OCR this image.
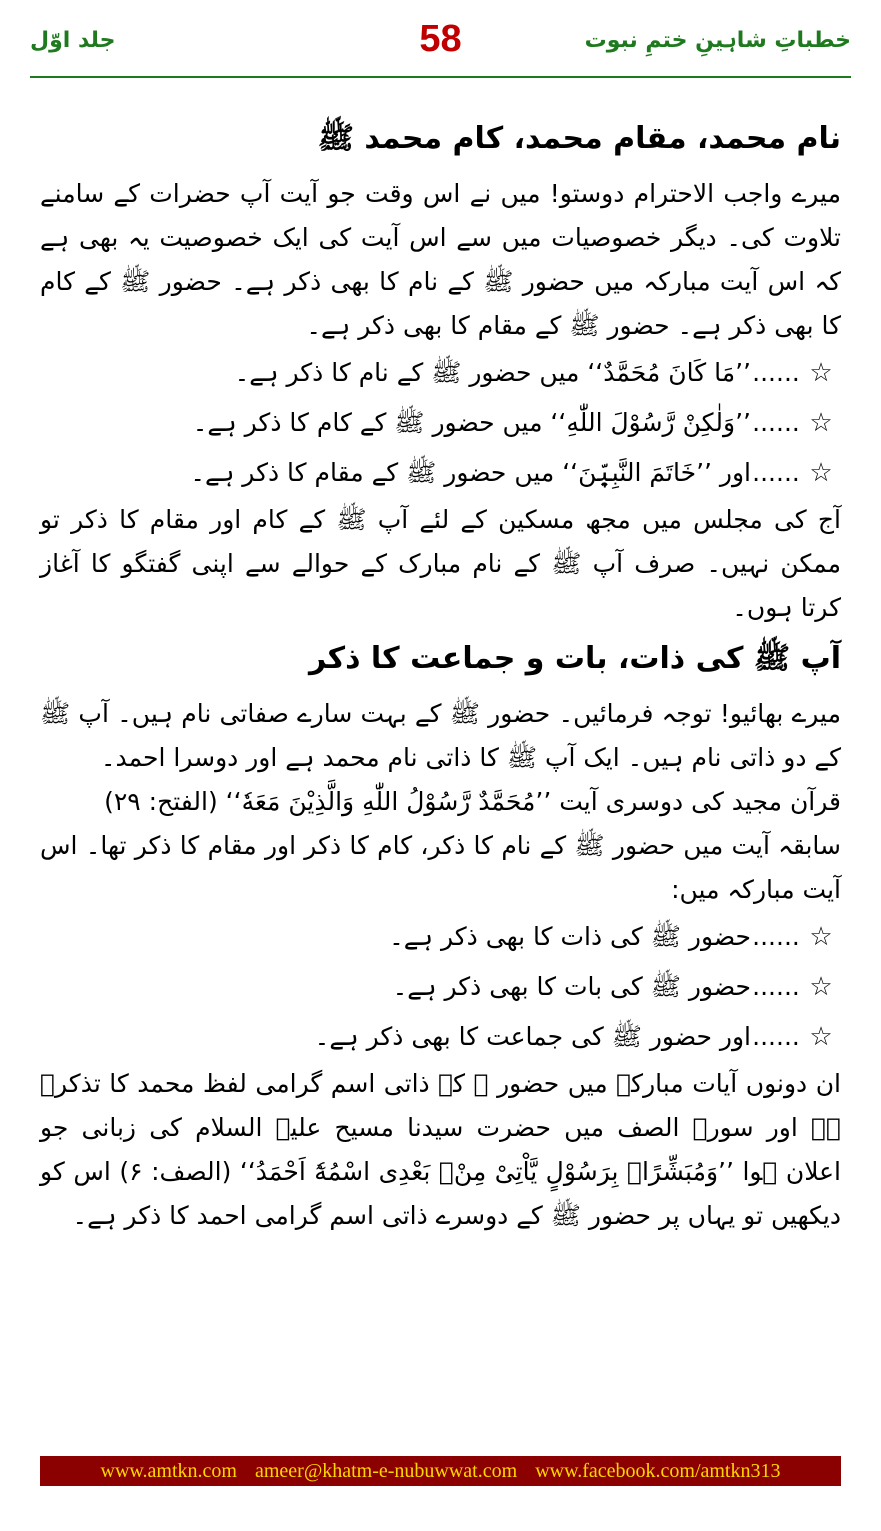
جلد اوّل	58	خطباتِ شاہینِ ختمِ نبوت
نام محمد، مقام محمد، کام محمد ﷺ

میرے واجب الاحترام دوستو! میں نے اس وقت جو آیت آپ حضرات کے سامنے تلاوت کی۔ دیگر خصوصیات میں سے اس آیت کی ایک خصوصیت یہ بھی ہے کہ اس آیت مبارکہ میں حضور ﷺ کے نام کا بھی ذکر ہے۔ حضور ﷺ کے کام کا بھی ذکر ہے۔ حضور ﷺ کے مقام کا بھی ذکر ہے۔

☆
......
’’مَا کَانَ مُحَمَّدٌ‘‘ میں حضور ﷺ کے نام کا ذکر ہے۔
☆
......
’’وَلٰکِنْ رَّسُوْلَ اللّٰهِ‘‘ میں حضور ﷺ کے کام کا ذکر ہے۔
☆
......
اور ’’خَاتَمَ النَّبِیّٖنَ‘‘ میں حضور ﷺ کے مقام کا ذکر ہے۔

آج کی مجلس میں مجھ مسکین کے لئے آپ ﷺ کے کام اور مقام کا ذکر تو ممکن نہیں۔ صرف آپ ﷺ کے نام مبارک کے حوالے سے اپنی گفتگو کا آغاز کرتا ہوں۔

آپ ﷺ کی ذات، بات و جماعت کا ذکر

میرے بھائیو! توجہ فرمائیں۔ حضور ﷺ کے بہت سارے صفاتی نام ہیں۔ آپ ﷺ کے دو ذاتی نام ہیں۔ ایک آپ ﷺ کا ذاتی نام محمد ہے اور دوسرا احمد۔

قرآن مجید کی دوسری آیت ’’مُحَمَّدٌ رَّسُوْلُ اللّٰهِ وَالَّذِیْنَ مَعَهٗ‘‘ (الفتح: ۲۹)

سابقہ آیت میں حضور ﷺ کے نام کا ذکر، کام کا ذکر اور مقام کا ذکر تھا۔ اس آیت مبارکہ میں:

☆
......
حضور ﷺ کی ذات کا بھی ذکر ہے۔
☆
......
حضور ﷺ کی بات کا بھی ذکر ہے۔
☆
......
اور حضور ﷺ کی جماعت کا بھی ذکر ہے۔

ان دونوں آیات مبارکہ میں حضور ﷺ کے ذاتی اسم گرامی لفظ محمد کا تذکرہ ہے اور سورۃ الصف میں حضرت سیدنا مسیح علیہ السلام کی زبانی جو اعلان ہوا ’’وَمُبَشِّرًاۢ بِرَسُوْلٍ یَّاْتِیْ مِنْۢ بَعْدِی اسْمُهٗٓ اَحْمَدُ‘‘ (الصف: ۶) اس کو دیکھیں تو یہاں پر حضور ﷺ کے دوسرے ذاتی اسم گرامی احمد کا ذکر ہے۔

www.amtkn.com ameer@khatm-e-nubuwwat.com www.facebook.com/amtkn313
